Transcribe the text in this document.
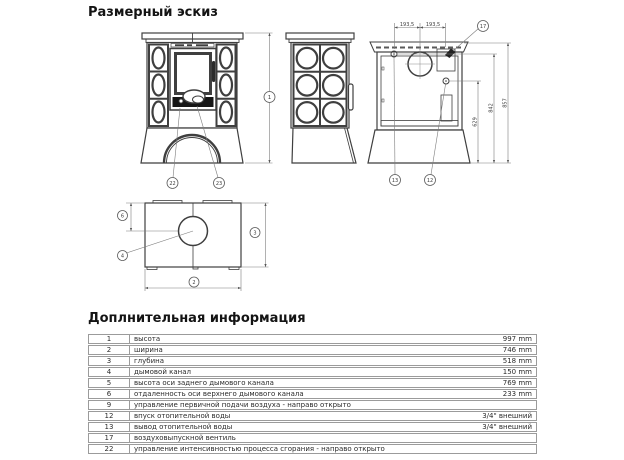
Размерный эскиз
1
22	23
193,5 193,5
629
842
857
17
13	12
6
4
3
2
Доплнительная информация
1	высота	997 mm
2	ширина	746 mm
3	глубина	518 mm
4	дымовой канал	150 mm
5	высота оси заднего дымового канала	769 mm
6	отдаленность оси верхнего дымового канала	233 mm
9	управление первичной подачи воздуха - направо открыто
12	впуск отопительной воды	3/4" внешний
13	вывод отопительной воды	3/4" внешний
17	воздуховыпускной вентиль
22	управление интенсивностью процесса сгорания - направо открыто
